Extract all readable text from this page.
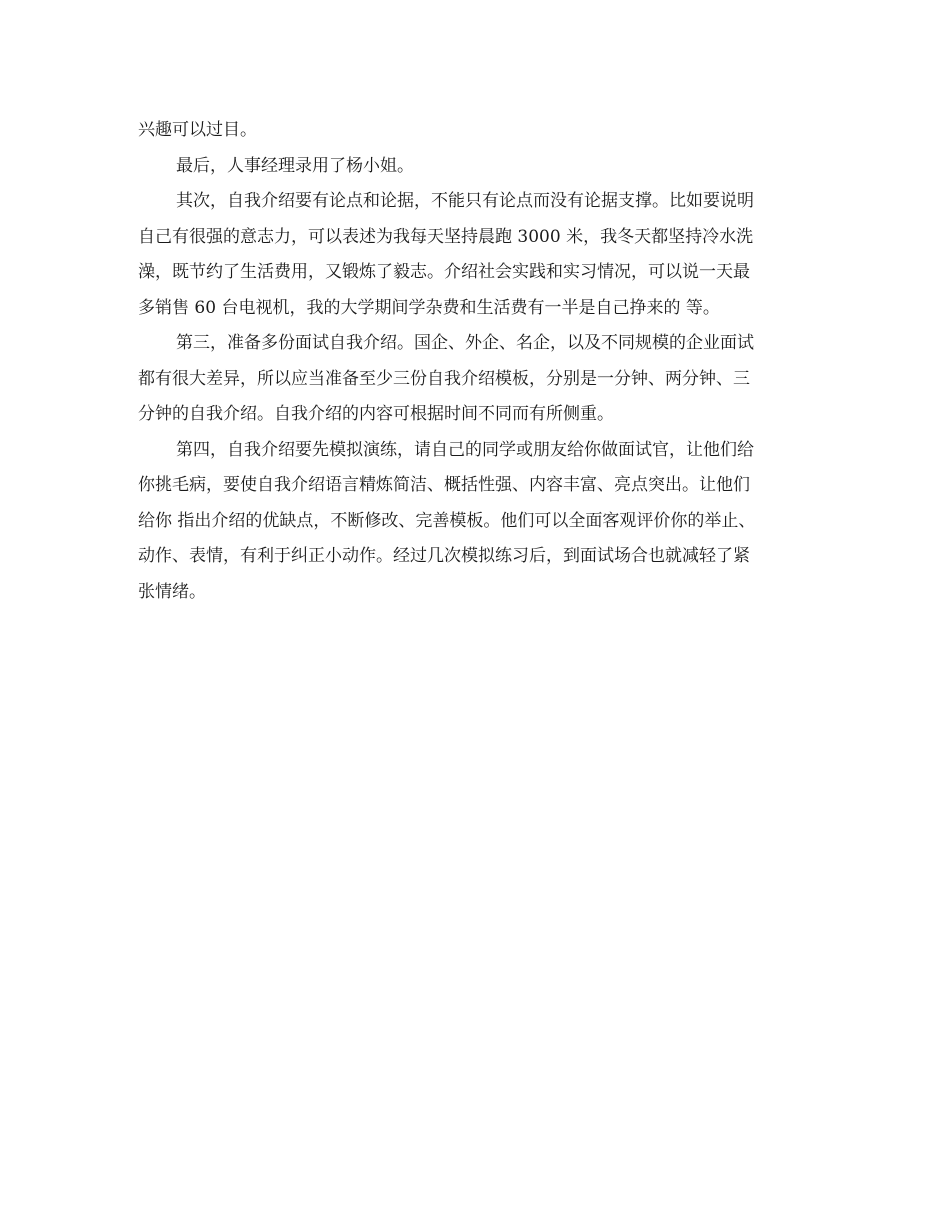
兴趣可以过目。
最后，人事经理录用了杨小姐。
其次，自我介绍要有论点和论据，不能只有论点而没有论据支撑。比如要说明
自己有很强的意志力，可以表述为我每天坚持晨跑 3000 米，我冬天都坚持冷水洗
澡，既节约了生活费用，又锻炼了毅志。介绍社会实践和实习情况，可以说一天最
多销售 60 台电视机，我的大学期间学杂费和生活费有一半是自己挣来的 等。
第三，准备多份面试自我介绍。国企、外企、名企，以及不同规模的企业面试
都有很大差异，所以应当准备至少三份自我介绍模板，分别是一分钟、两分钟、三
分钟的自我介绍。自我介绍的内容可根据时间不同而有所侧重。
第四，自我介绍要先模拟演练，请自己的同学或朋友给你做面试官，让他们给
你挑毛病，要使自我介绍语言精炼简洁、概括性强、内容丰富、亮点突出。让他们
给你 指出介绍的优缺点，不断修改、完善模板。他们可以全面客观评价你的举止、
动作、表情，有利于纠正小动作。经过几次模拟练习后，到面试场合也就减轻了紧
张情绪。
